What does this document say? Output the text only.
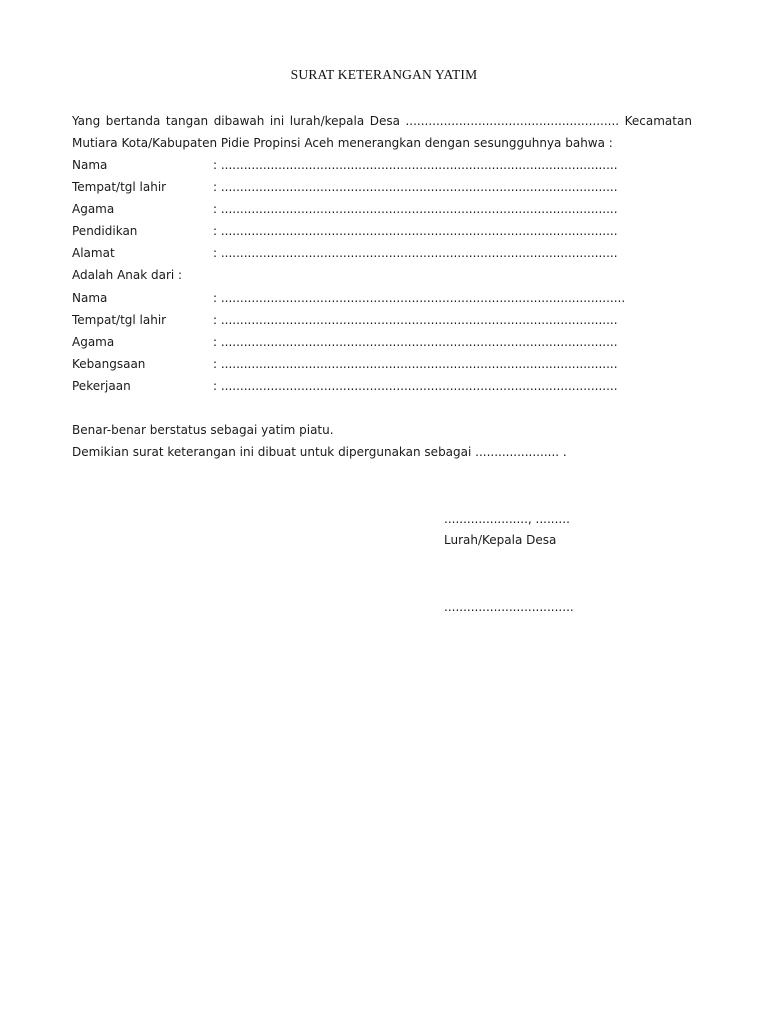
SURAT KETERANGAN YATIM
Yang bertanda tangan dibawah ini lurah/kepala Desa ........................................................ Kecamatan
Mutiara Kota/Kabupaten Pidie Propinsi Aceh menerangkan dengan sesungguhnya bahwa :
Nama	: ........................................................................................................
Tempat/tgl lahir	: ........................................................................................................
Agama	: ........................................................................................................
Pendidikan	: ........................................................................................................
Alamat	: ........................................................................................................
Adalah Anak dari :
Nama	: ..........................................................................................................
Tempat/tgl lahir	: ........................................................................................................
Agama	: ........................................................................................................
Kebangsaan	: ........................................................................................................
Pekerjaan	: ........................................................................................................
Benar-benar berstatus sebagai yatim piatu.
Demikian surat keterangan ini dibuat untuk dipergunakan sebagai ...................... .
......................, .........
Lurah/Kepala Desa
..................................
